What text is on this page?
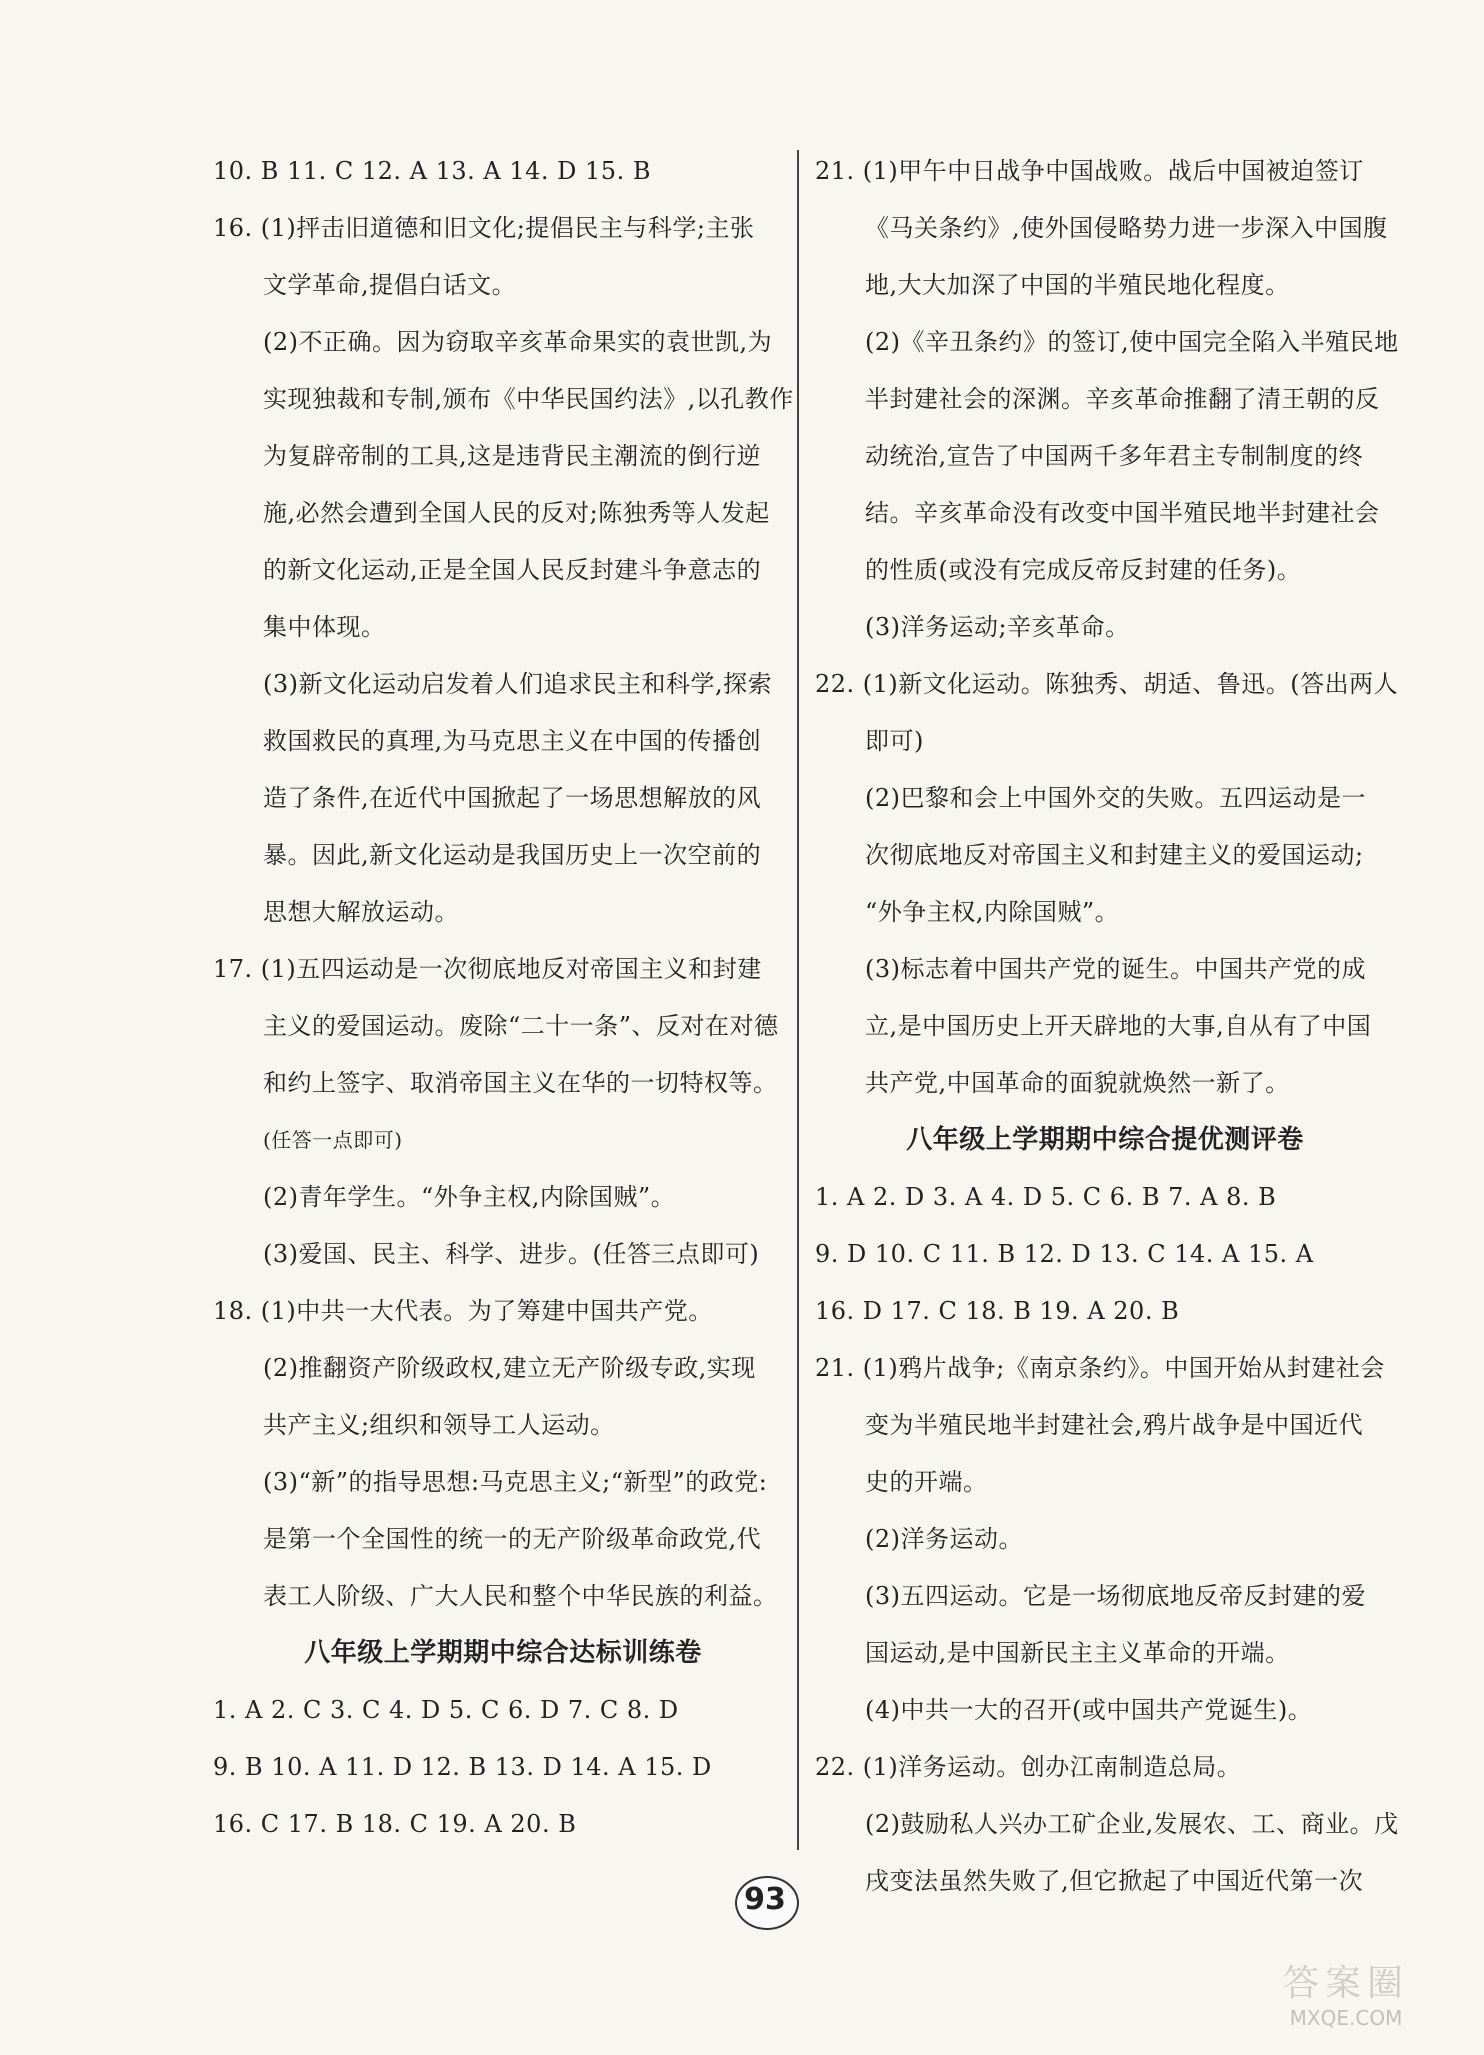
10. B 11. C 12. A 13. A 14. D 15. B
16. (1)抨击旧道德和旧文化;提倡民主与科学;主张
文学革命,提倡白话文。
(2)不正确。因为窃取辛亥革命果实的袁世凯,为
实现独裁和专制,颁布《中华民国约法》,以孔教作
为复辟帝制的工具,这是违背民主潮流的倒行逆
施,必然会遭到全国人民的反对;陈独秀等人发起
的新文化运动,正是全国人民反封建斗争意志的
集中体现。
(3)新文化运动启发着人们追求民主和科学,探索
救国救民的真理,为马克思主义在中国的传播创
造了条件,在近代中国掀起了一场思想解放的风
暴。因此,新文化运动是我国历史上一次空前的
思想大解放运动。
17. (1)五四运动是一次彻底地反对帝国主义和封建
主义的爱国运动。废除“二十一条”、反对在对德
和约上签字、取消帝国主义在华的一切特权等。
(任答一点即可)
(2)青年学生。“外争主权,内除国贼”。
(3)爱国、民主、科学、进步。(任答三点即可)
18. (1)中共一大代表。为了筹建中国共产党。
(2)推翻资产阶级政权,建立无产阶级专政,实现
共产主义;组织和领导工人运动。
(3)“新”的指导思想:马克思主义;“新型”的政党:
是第一个全国性的统一的无产阶级革命政党,代
表工人阶级、广大人民和整个中华民族的利益。
八年级上学期期中综合达标训练卷
1. A 2. C 3. C 4. D 5. C 6. D 7. C 8. D
9. B 10. A 11. D 12. B 13. D 14. A 15. D
16. C 17. B 18. C 19. A 20. B
21. (1)甲午中日战争中国战败。战后中国被迫签订
《马关条约》,使外国侵略势力进一步深入中国腹
地,大大加深了中国的半殖民地化程度。
(2)《辛丑条约》的签订,使中国完全陷入半殖民地
半封建社会的深渊。辛亥革命推翻了清王朝的反
动统治,宣告了中国两千多年君主专制制度的终
结。辛亥革命没有改变中国半殖民地半封建社会
的性质(或没有完成反帝反封建的任务)。
(3)洋务运动;辛亥革命。
22. (1)新文化运动。陈独秀、胡适、鲁迅。(答出两人
即可)
(2)巴黎和会上中国外交的失败。五四运动是一
次彻底地反对帝国主义和封建主义的爱国运动;
“外争主权,内除国贼”。
(3)标志着中国共产党的诞生。中国共产党的成
立,是中国历史上开天辟地的大事,自从有了中国
共产党,中国革命的面貌就焕然一新了。
八年级上学期期中综合提优测评卷
1. A 2. D 3. A 4. D 5. C 6. B 7. A 8. B
9. D 10. C 11. B 12. D 13. C 14. A 15. A
16. D 17. C 18. B 19. A 20. B
21. (1)鸦片战争;《南京条约》。中国开始从封建社会
变为半殖民地半封建社会,鸦片战争是中国近代
史的开端。
(2)洋务运动。
(3)五四运动。它是一场彻底地反帝反封建的爱
国运动,是中国新民主主义革命的开端。
(4)中共一大的召开(或中国共产党诞生)。
22. (1)洋务运动。创办江南制造总局。
(2)鼓励私人兴办工矿企业,发展农、工、商业。戊
戌变法虽然失败了,但它掀起了中国近代第一次
93
答案圈
MXQE.COM
